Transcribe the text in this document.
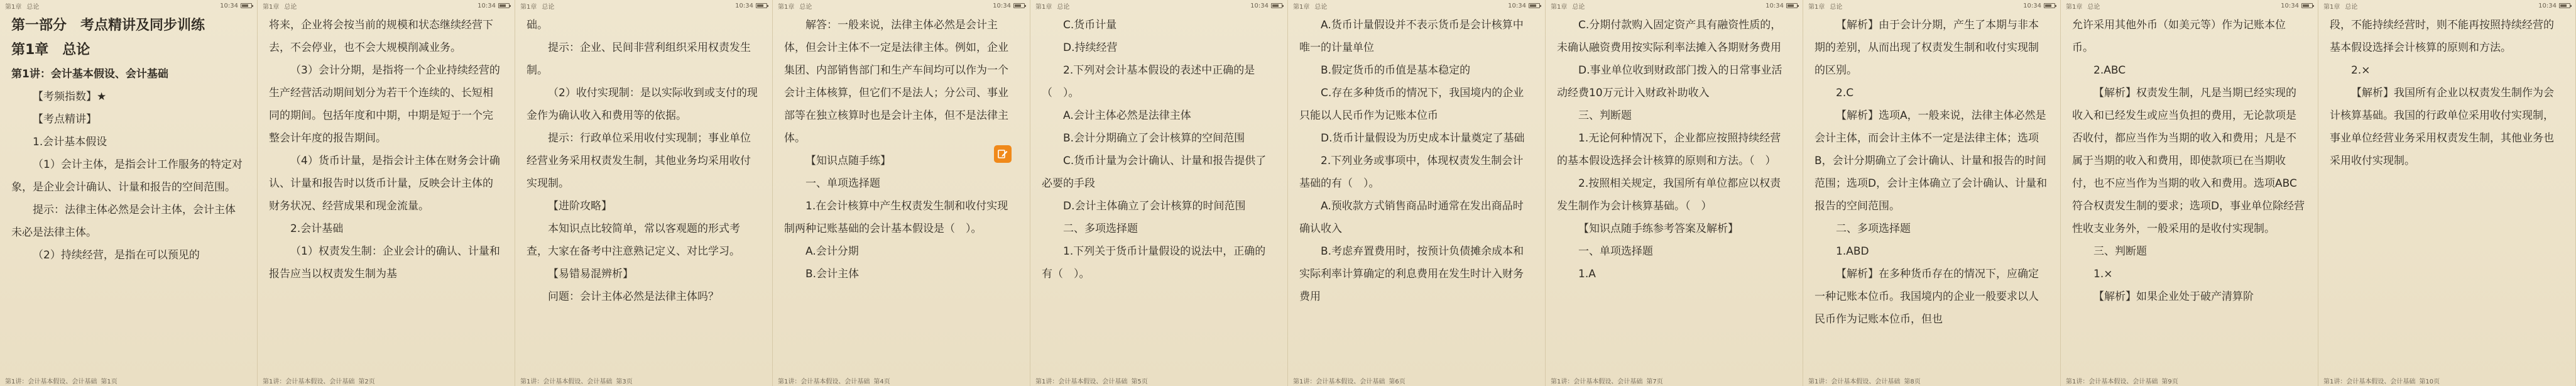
第1章 总论	10:34

第一部分　考点精讲及同步训练

第1章　总论

第1讲：会计基本假设、会计基础

【考频指数】★

【考点精讲】

1.会计基本假设

（1）会计主体，是指会计工作服务的特定对象，是企业会计确认、计量和报告的空间范围。

提示：法律主体必然是会计主体，会计主体未必是法律主体。

（2）持续经营，是指在可以预见的

第1讲：会计基本假设、会计基础 第1页
第1章 总论	10:34

将来，企业将会按当前的规模和状态继续经营下去，不会停业，也不会大规模削减业务。

（3）会计分期，是指将一个企业持续经营的生产经营活动期间划分为若干个连续的、长短相同的期间。包括年度和中期，中期是短于一个完整会计年度的报告期间。

（4）货币计量，是指会计主体在财务会计确认、计量和报告时以货币计量，反映会计主体的财务状况、经营成果和现金流量。

2.会计基础

（1）权责发生制：企业会计的确认、计量和报告应当以权责发生制为基

第1讲：会计基本假设、会计基础 第2页
第1章 总论	10:34

础。

提示：企业、民间非营利组织采用权责发生制。

（2）收付实现制：是以实际收到或支付的现金作为确认收入和费用等的依据。

提示：行政单位采用收付实现制；事业单位经营业务采用权责发生制，其他业务均采用收付实现制。

【进阶攻略】

本知识点比较简单，常以客观题的形式考查，大家在备考中注意熟记定义、对比学习。

【易错易混辨析】

问题：会计主体必然是法律主体吗？

第1讲：会计基本假设、会计基础 第3页
第1章 总论	10:34

解答：一般来说，法律主体必然是会计主体，但会计主体不一定是法律主体。例如，企业集团、内部销售部门和生产车间均可以作为一个会计主体核算，但它们不是法人；分公司、事业部等在独立核算时也是会计主体，但不是法律主体。

【知识点随手练】

一、单项选择题

1.在会计核算中产生权责发生制和收付实现制两种记账基础的会计基本假设是（　）。

A.会计分期

B.会计主体

第1讲：会计基本假设、会计基础 第4页
第1章 总论	10:34

C.货币计量

D.持续经营

2.下列对会计基本假设的表述中正确的是（　）。

A.会计主体必然是法律主体

B.会计分期确立了会计核算的空间范围

C.货币计量为会计确认、计量和报告提供了必要的手段

D.会计主体确立了会计核算的时间范围

二、多项选择题

1.下列关于货币计量假设的说法中，正确的有（　）。

第1讲：会计基本假设、会计基础 第5页
第1章 总论	10:34

A.货币计量假设并不表示货币是会计核算中唯一的计量单位

B.假定货币的币值是基本稳定的

C.存在多种货币的情况下，我国境内的企业只能以人民币作为记账本位币

D.货币计量假设为历史成本计量奠定了基础

2.下列业务或事项中，体现权责发生制会计基础的有（　）。

A.预收款方式销售商品时通常在发出商品时确认收入

B.考虑弃置费用时，按预计负债摊余成本和实际利率计算确定的利息费用在发生时计入财务费用

第1讲：会计基本假设、会计基础 第6页
第1章 总论	10:34

C.分期付款购入固定资产具有融资性质的，未确认融资费用按实际利率法摊入各期财务费用

D.事业单位收到财政部门拨入的日常事业活动经费10万元计入财政补助收入

三、判断题

1.无论何种情况下，企业都应按照持续经营的基本假设选择会计核算的原则和方法。（　）

2.按照相关规定，我国所有单位都应以权责发生制作为会计核算基础。（　）

【知识点随手练参考答案及解析】

一、单项选择题

1.A

第1讲：会计基本假设、会计基础 第7页
第1章 总论	10:34

【解析】由于会计分期，产生了本期与非本期的差别，从而出现了权责发生制和收付实现制的区别。

2.C

【解析】选项A，一般来说，法律主体必然是会计主体，而会计主体不一定是法律主体；选项B，会计分期确立了会计确认、计量和报告的时间范围；选项D，会计主体确立了会计确认、计量和报告的空间范围。

二、多项选择题

1.ABD

【解析】在多种货币存在的情况下，应确定一种记账本位币。我国境内的企业一般要求以人民币作为记账本位币，但也

第1讲：会计基本假设、会计基础 第8页
第1章 总论	10:34

允许采用其他外币（如美元等）作为记账本位币。

2.ABC

【解析】权责发生制，凡是当期已经实现的收入和已经发生或应当负担的费用，无论款项是否收付，都应当作为当期的收入和费用；凡是不属于当期的收入和费用，即使款项已在当期收付，也不应当作为当期的收入和费用。选项ABC符合权责发生制的要求；选项D，事业单位除经营性收支业务外，一般采用的是收付实现制。

三、判断题

1.×

【解析】如果企业处于破产清算阶

第1讲：会计基本假设、会计基础 第9页
第1章 总论	10:34

段，不能持续经营时，则不能再按照持续经营的基本假设选择会计核算的原则和方法。

2.×

【解析】我国所有企业以权责发生制作为会计核算基础。我国的行政单位采用收付实现制，事业单位经营业务采用权责发生制，其他业务也采用收付实现制。

第1讲：会计基本假设、会计基础 第10页
